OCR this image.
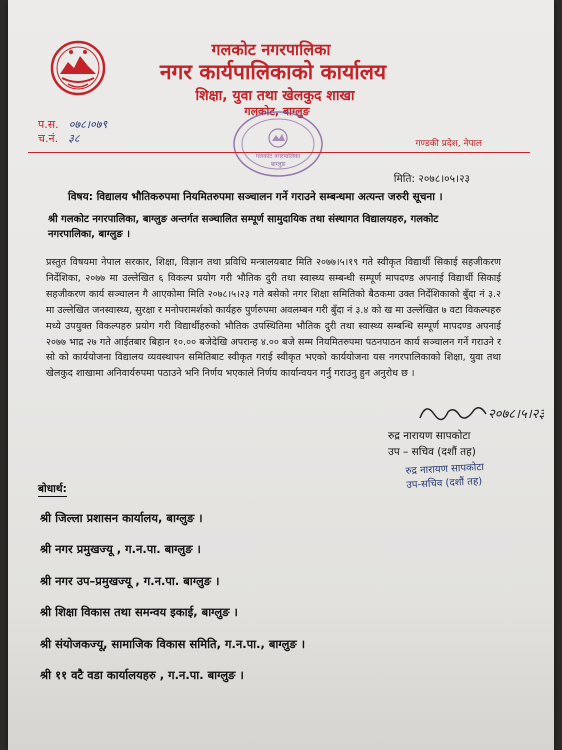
गलकोट नगरपालिका
नगर कार्यपालिकाको कार्यालय
शिक्षा, युवा तथा खेलकुद शाखा
गलकोट, बाग्लुङ
प.स. ०७८।०७९
च.नं. ३८
गलकोट नगरपालिका
बाग्लुङ
गण्डकी प्रदेश, नेपाल
मिति: २०७८।०५।२३
विषय: विद्यालय भौतिकरुपमा नियमितरुपमा सञ्चालन गर्ने गराउने सम्बन्धमा अत्यन्त जरुरी सूचना ।
श्री गलकोट नगरपालिका, बाग्लुङ अन्तर्गत सञ्चालित सम्पूर्ण सामुदायिक तथा संस्थागत विद्यालयहरु, गलकोट नगरपालिका, बाग्लुङ ।
प्रस्तुत विषयमा नेपाल सरकार, शिक्षा, विज्ञान तथा प्रविधि मन्त्रालयबाट मिति २०७७।५।१९ गते स्वीकृत विद्यार्थी सिकाई सहजीकरण निर्देशिका, २०७७ मा उल्लेखित ६ विकल्प प्रयोग गरी भौतिक दुरी तथा स्वास्थ्य सम्बन्धी सम्पूर्ण मापदण्ड अपनाई विद्यार्थी सिकाई सहजीकरण कार्य सञ्चालन गै आएकोमा मिति २०७८।५।२३ गते बसेको नगर शिक्षा समितिको बैठकमा उक्त निर्देशिकाको बुँदा नं ३.२ मा उल्लेखित जनस्वास्थ्य, सुरक्षा र मनोपरामर्शको कार्यहरु पुर्णरुपमा अवलम्बन गरी बुँदा नं ३.४ को ख मा उल्लेखित ७ वटा विकल्पहरु मध्ये उपयुक्त विकल्पहरु प्रयोग गरी विद्यार्थीहरुको भौतिक उपस्थितिमा भौतिक दुरी तथा स्वास्थ्य सम्बन्धि सम्पूर्ण मापदण्ड अपनाई २०७७ भाद्र २७ गते आईतबार बिहान १०.०० बजेदेखि अपरान्ह ४.०० बजे सम्म नियमितरुपमा पठनपाठन कार्य सञ्चालन गर्ने गराउने र सो को कार्ययोजना विद्यालय व्यवस्थापन समितिबाट स्वीकृत गराई स्वीकृत भएको कार्ययोजना यस नगरपालिकाको शिक्षा, युवा तथा खेलकुद शाखामा अनिवार्यरुपमा पठाउने भनि निर्णय भएकाले निर्णय कार्यान्वयन गर्नु गराउनु हुन अनुरोध छ ।
२०७८।५।२३
रुद्र नारायण सापकोटा
उप – सचिव (दशौं तह)
रुद्र नारायण सापकोटा
उप-सचिव (दशौं तह)
बोधार्थ:
श्री जिल्ला प्रशासन कार्यालय, बाग्लुङ ।
श्री नगर प्रमुखज्यू , ग.न.पा. बाग्लुङ ।
श्री नगर उप–प्रमुखज्यू , ग.न.पा. बाग्लुङ ।
श्री शिक्षा विकास तथा समन्वय इकाई, बाग्लुङ ।
श्री संयोजकज्यू, सामाजिक विकास समिति, ग.न.पा., बाग्लुङ ।
श्री ११ वटै वडा कार्यालयहरु , ग.न.पा. बाग्लुङ ।
